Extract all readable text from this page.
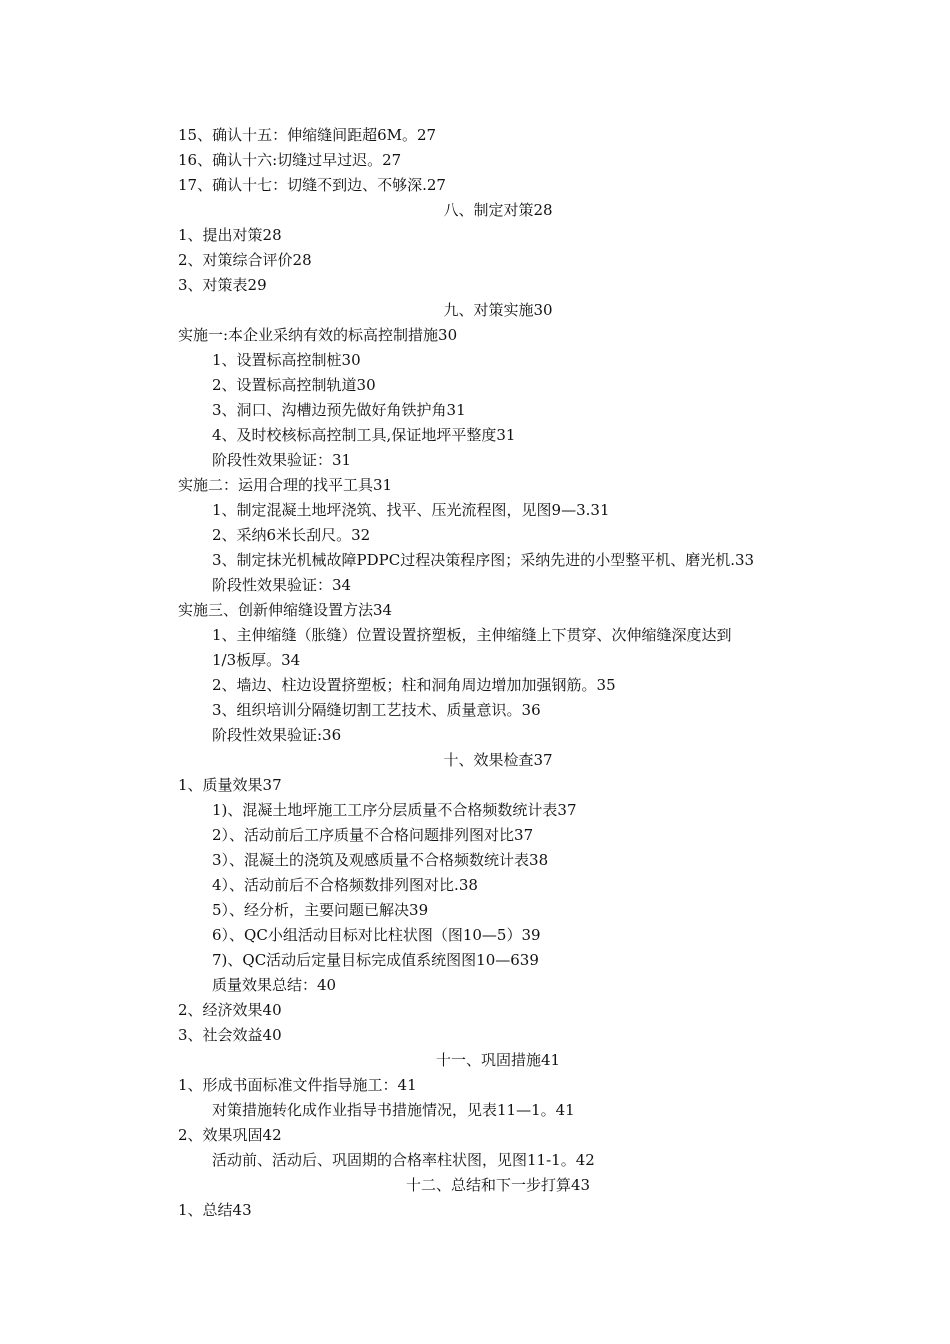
15、确认十五：伸缩缝间距超6M。27
16、确认十六:切缝过早过迟。27
17、确认十七：切缝不到边、不够深.27
八、制定对策28
1、提出对策28
2、对策综合评价28
3、对策表29
九、对策实施30
实施一:本企业采纳有效的标高控制措施30
1、设置标高控制桩30
2、设置标高控制轨道30
3、洞口、沟槽边预先做好角铁护角31
4、及时校核标高控制工具,保证地坪平整度31
阶段性效果验证：31
实施二：运用合理的找平工具31
1、制定混凝土地坪浇筑、找平、压光流程图，见图9—3.31
2、采纳6米长刮尺。32
3、制定抹光机械故障PDPC过程决策程序图；采纳先进的小型整平机、磨光机.33
阶段性效果验证：34
实施三、创新伸缩缝设置方法34
1、主伸缩缝（胀缝）位置设置挤塑板，主伸缩缝上下贯穿、次伸缩缝深度达到
1/3板厚。34
2、墙边、柱边设置挤塑板；柱和洞角周边增加加强钢筋。35
3、组织培训分隔缝切割工艺技术、质量意识。36
阶段性效果验证:36
十、效果检查37
1、质量效果37
1)、混凝土地坪施工工序分层质量不合格频数统计表37
2）、活动前后工序质量不合格问题排列图对比37
3）、混凝土的浇筑及观感质量不合格频数统计表38
4）、活动前后不合格频数排列图对比.38
5）、经分析，主要问题已解决39
6）、QC小组活动目标对比柱状图（图10—5）39
7)、QC活动后定量目标完成值系统图图10—639
质量效果总结：40
2、经济效果40
3、社会效益40
十一、巩固措施41
1、形成书面标准文件指导施工：41
对策措施转化成作业指导书措施情况，见表11—1。41
2、效果巩固42
活动前、活动后、巩固期的合格率柱状图，见图11-1。42
十二、总结和下一步打算43
1、总结43
